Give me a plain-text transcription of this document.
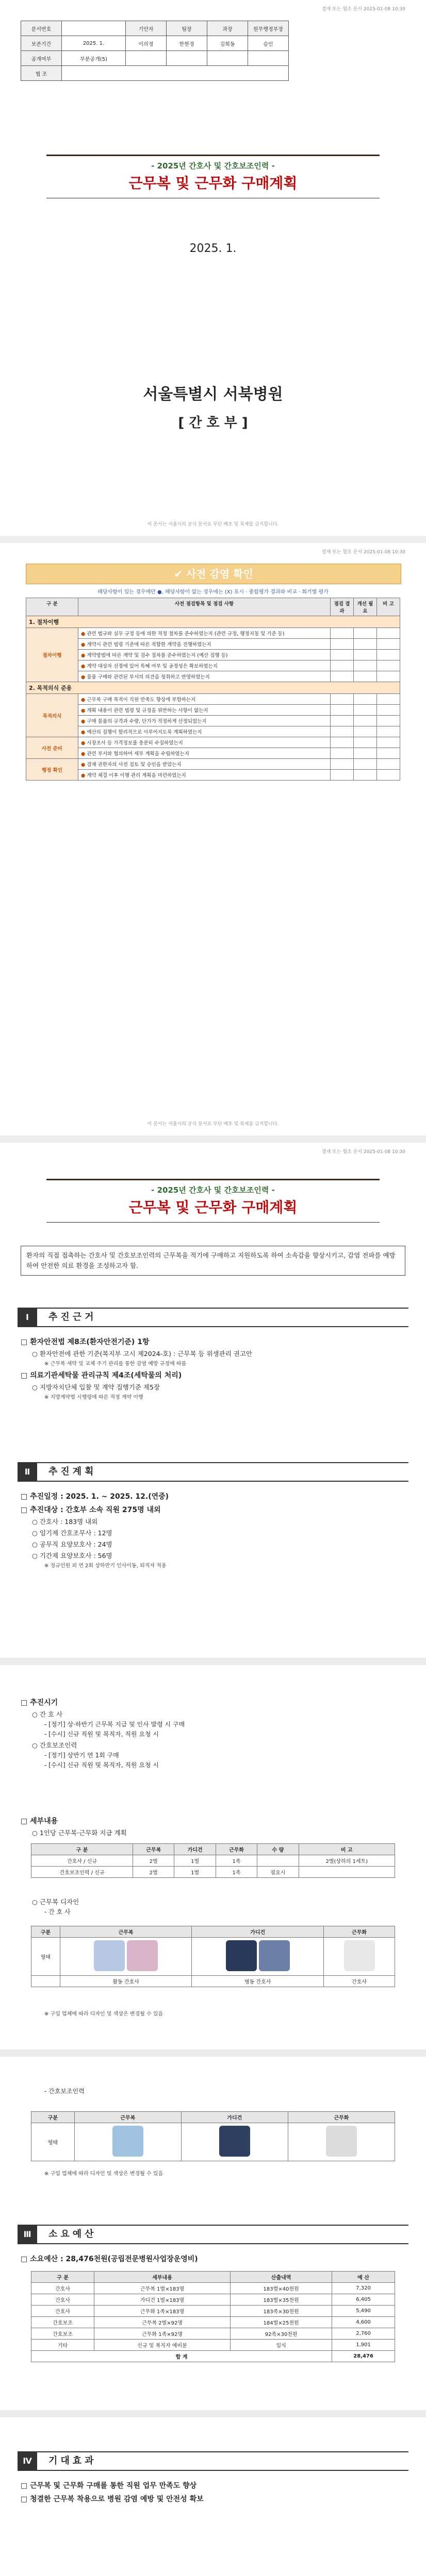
결재 또는 협조 문서 2025-01-08 10:30
문서번호		기안자	팀장	과장	원무행정부장
보존기간	2025. 1.	이의정	한현경	김희동	승인
공개여부	부분공개(5)				
협 조					
- 2025년 간호사 및 간호보조인력 -
근무복 및 근무화 구매계획
2025. 1.
서울특별시 서북병원
[ 간 호 부 ]
이 문서는 서울시의 공식 문서로 무단 배포 및 복제를 금지합니다.
결재 또는 협조 문서 2025-01-08 10:30
✔ 사전 감염 확인
해당사항이 있는 경우에만 ●, 해당사항이 없는 경우에는 (X) 표시 · 종합평가 결과와 비교 · 회기별 평가
구 분	사전 점검항목 및 점검 사항	점검 결과	개선 필요	비 고
1. 절차이행				
절차이행	● 관련 법규와 실무 규정 등에 의한 적정 절차를 준수하였는지 (관련 규정, 행정지침 및 기준 등)			
	● 계약시 관련 법령 기준에 따른 적합한 계약을 진행하였는지			
	● 계약방법에 따른 계약 및 검수 절차를 준수하였는지 (예산 집행 등)			
	● 계약 대상자 선정에 있어 특혜 여부 및 공정성은 확보하였는지			
	● 물품 구매와 관련된 부서의 의견을 청취하고 반영하였는지			
2. 목적의식 준용				
목적의식	● 근무복 구매 목적이 직원 만족도 향상에 부합하는지			
	● 계획 내용이 관련 법령 및 규정을 위반하는 사항이 없는지			
	● 구매 물품의 규격과 수량, 단가가 적정하게 산정되었는지			
	● 예산의 집행이 합리적으로 이루어지도록 계획하였는지			
사전 준비	● 시장조사 등 가격정보를 충분히 수집하였는지			
	● 관련 부서와 협의하여 세부 계획을 수립하였는지			
행정 확인	● 결재 권한자의 사전 검토 및 승인을 받았는지			
	● 계약 체결 이후 이행 관리 계획을 마련하였는지			
이 문서는 서울시의 공식 문서로 무단 배포 및 복제를 금지합니다.
결재 또는 협조 문서 2025-01-08 10:30
- 2025년 간호사 및 간호보조인력 -
근무복 및 근무화 구매계획
환자의 직접 접촉하는 간호사 및 간호보조인력의 근무복을 적기에 구매하고 지원하도록 하여 소속감을 향상시키고, 감염 전파를 예방하여 안전한 의료 환경을 조성하고자 함.
Ⅰ	추진근거
□ 환자안전법 제8조(환자안전기준) 1항
○ 환자안전에 관한 기준(복지부 고시 제2024-호) : 근무복 등 위생관리 권고안
※ 근무복 세탁 및 교체 주기 관리를 통한 감염 예방 규정에 따름
□ 의료기관세탁물 관리규칙 제4조(세탁물의 처리)
○ 지방자치단체 입찰 및 계약 집행기준 제5장
※ 지방계약법 시행령에 따른 적정 계약 이행
Ⅱ	추진계획
□ 추진일정 : 2025. 1. ~ 2025. 12.(연중)
□ 추진대상 : 간호부 소속 직원 275명 내외
○ 간호사 : 183명 내외
○ 임기제 간호조무사 : 12명
○ 공무직 요양보호사 : 24명
○ 기간제 요양보호사 : 56명
※ 정규인원 외 연 2회 상하반기 인사이동, 퇴직자 적용
□ 추진시기
○ 간 호 사
- [정기] 상·하반기 근무복 지급 및 인사 발령 시 구매
- [수시] 신규 직원 및 복직자, 직원 요청 시
○ 간호보조인력
- [정기] 상반기 연 1회 구매
- [수시] 신규 직원 및 복직자, 직원 요청 시
□ 세부내용
○ 1인당 근무복·근무화 지급 계획
구 분	근무복	가디건	근무화	수 량	비 고
간호사 / 신규	2벌	1벌	1족		2벌(상하의 1세트)
간호보조인력 / 신규	2벌	1벌	1족	필요시	
○ 근무복 디자인
- 간 호 사
구분	근무복	가디건	근무화
형태			
	활동 간호사	병동 간호사	간호사
※ 구입 업체에 따라 디자인 및 색상은 변경될 수 있음
- 간호보조인력
구분	근무복	가디건	근무화
형태			
※ 구입 업체에 따라 디자인 및 색상은 변경될 수 있음
Ⅲ	소요예산
□ 소요예산 : 28,476천원(공립전문병원사업장운영비)
구 분	세부내용	산출내역	예 산
간호사	근무복 1벌×183명	183벌×40천원	7,320
간호사	가디건 1벌×183명	183벌×35천원	6,405
간호사	근무화 1족×183명	183족×30천원	5,490
간호보조	근무복 2벌×92명	184벌×25천원	4,600
간호보조	근무화 1족×92명	92족×30천원	2,760
기타	신규 및 복직자 예비분	일식	1,901
합 계			28,476
Ⅳ	기대효과
□ 근무복 및 근무화 구매를 통한 직원 업무 만족도 향상
□ 청결한 근무복 착용으로 병원 감염 예방 및 안전성 확보
